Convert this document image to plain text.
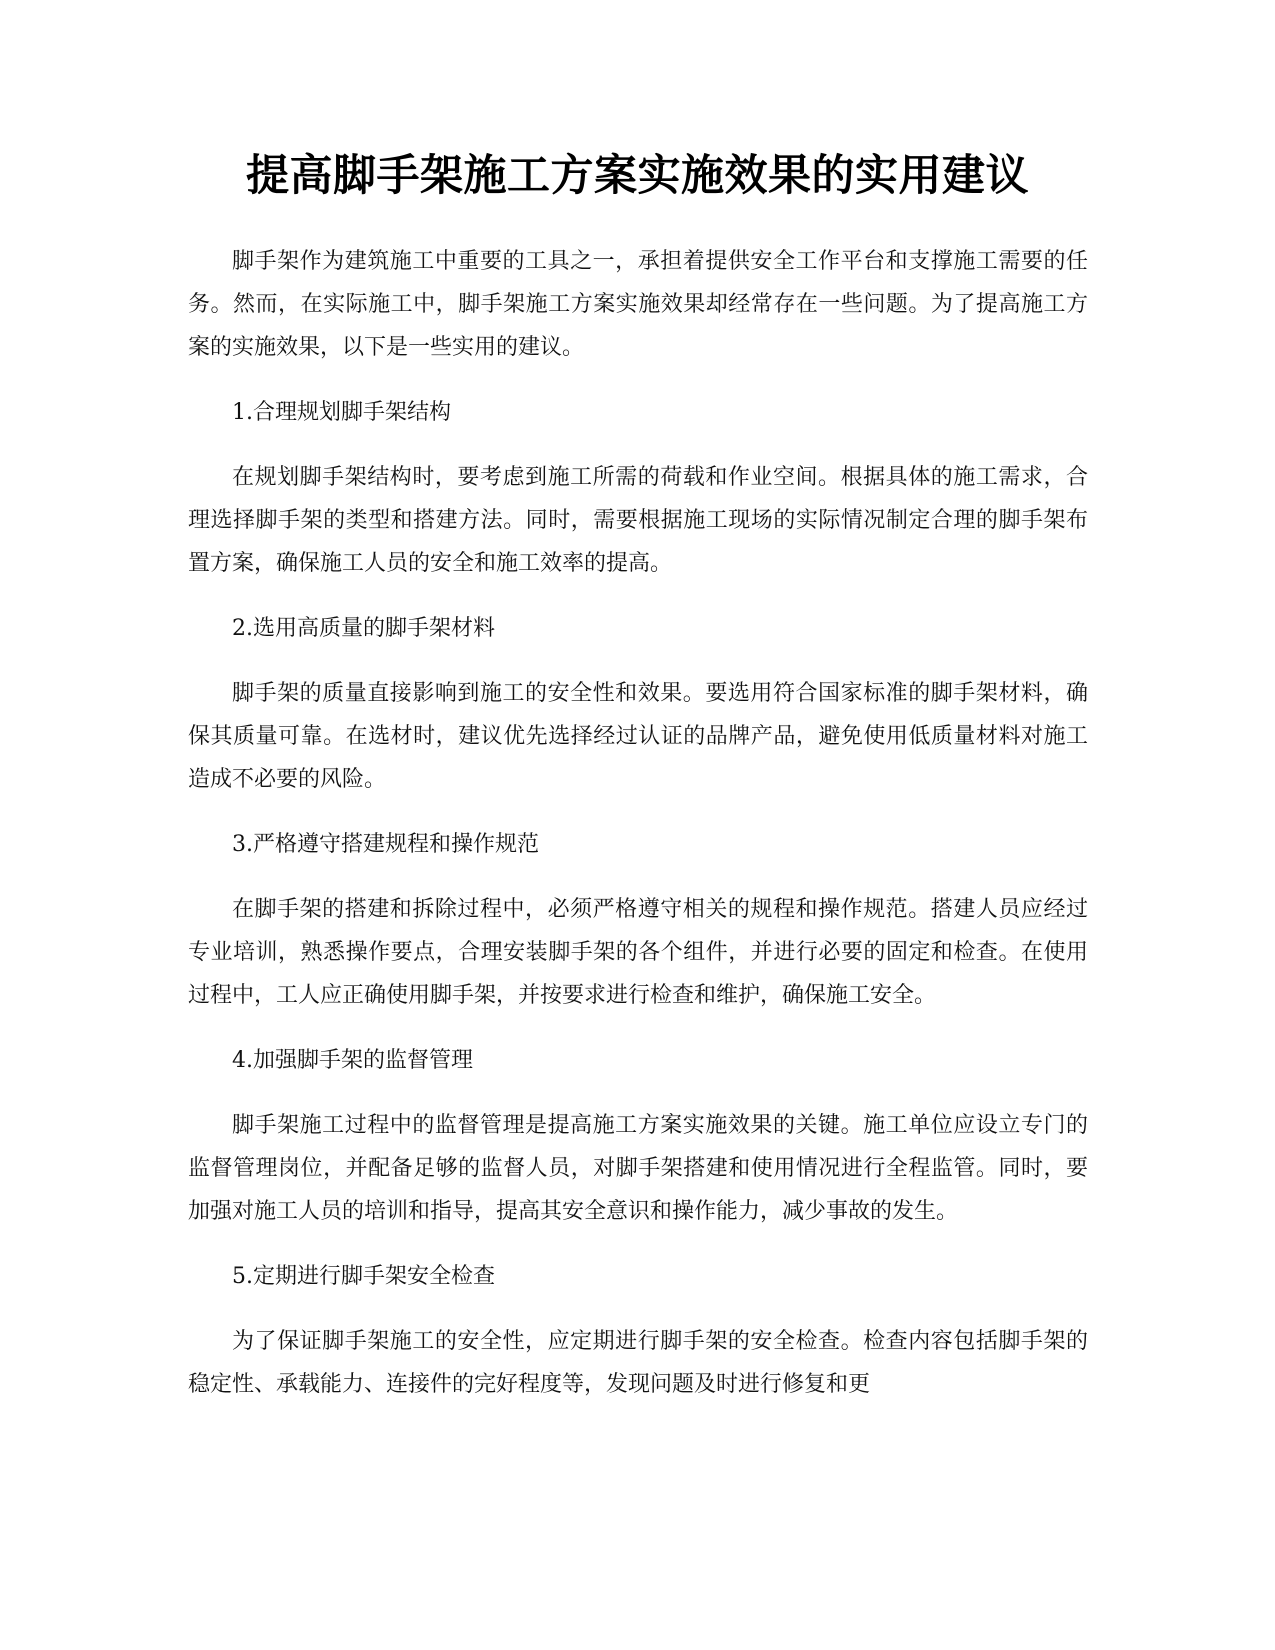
提高脚手架施工方案实施效果的实用建议

脚手架作为建筑施工中重要的工具之一，承担着提供安全工作平台和支撑施工需要的任务。然而，在实际施工中，脚手架施工方案实施效果却经常存在一些问题。为了提高施工方案的实施效果，以下是一些实用的建议。

1.合理规划脚手架结构

在规划脚手架结构时，要考虑到施工所需的荷载和作业空间。根据具体的施工需求，合理选择脚手架的类型和搭建方法。同时，需要根据施工现场的实际情况制定合理的脚手架布置方案，确保施工人员的安全和施工效率的提高。

2.选用高质量的脚手架材料

脚手架的质量直接影响到施工的安全性和效果。要选用符合国家标准的脚手架材料，确保其质量可靠。在选材时，建议优先选择经过认证的品牌产品，避免使用低质量材料对施工造成不必要的风险。

3.严格遵守搭建规程和操作规范

在脚手架的搭建和拆除过程中，必须严格遵守相关的规程和操作规范。搭建人员应经过专业培训，熟悉操作要点，合理安装脚手架的各个组件，并进行必要的固定和检查。在使用过程中，工人应正确使用脚手架，并按要求进行检查和维护，确保施工安全。

4.加强脚手架的监督管理

脚手架施工过程中的监督管理是提高施工方案实施效果的关键。施工单位应设立专门的监督管理岗位，并配备足够的监督人员，对脚手架搭建和使用情况进行全程监管。同时，要加强对施工人员的培训和指导，提高其安全意识和操作能力，减少事故的发生。

5.定期进行脚手架安全检查

为了保证脚手架施工的安全性，应定期进行脚手架的安全检查。检查内容包括脚手架的稳定性、承载能力、连接件的完好程度等，发现问题及时进行修复和更
